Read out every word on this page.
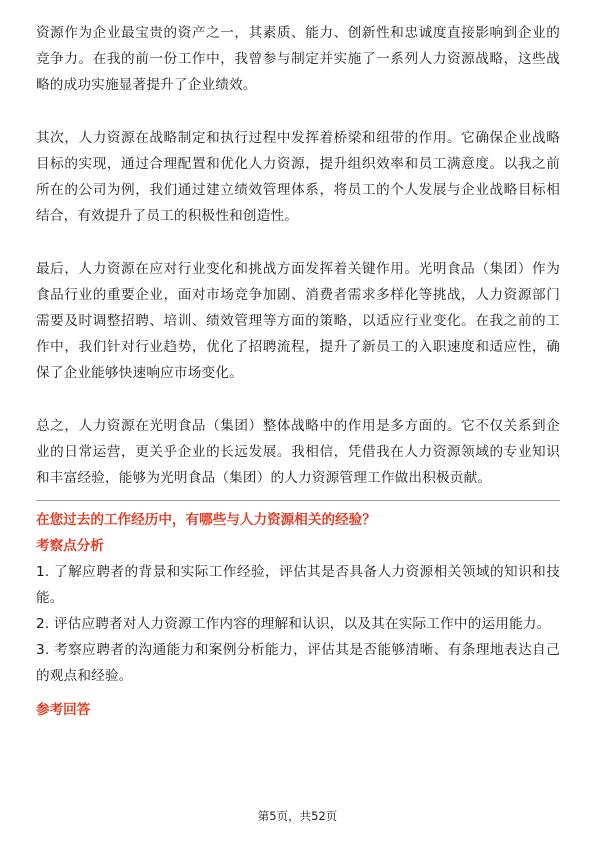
资源作为企业最宝贵的资产之一，其素质、能力、创新性和忠诚度直接影响到企业的竞争力。在我的前一份工作中，我曾参与制定并实施了一系列人力资源战略，这些战略的成功实施显著提升了企业绩效。

其次，人力资源在战略制定和执行过程中发挥着桥梁和纽带的作用。它确保企业战略目标的实现，通过合理配置和优化人力资源，提升组织效率和员工满意度。以我之前所在的公司为例，我们通过建立绩效管理体系，将员工的个人发展与企业战略目标相结合，有效提升了员工的积极性和创造性。

最后，人力资源在应对行业变化和挑战方面发挥着关键作用。光明食品（集团）作为食品行业的重要企业，面对市场竞争加剧、消费者需求多样化等挑战，人力资源部门需要及时调整招聘、培训、绩效管理等方面的策略，以适应行业变化。在我之前的工作中，我们针对行业趋势，优化了招聘流程，提升了新员工的入职速度和适应性，确保了企业能够快速响应市场变化。

总之，人力资源在光明食品（集团）整体战略中的作用是多方面的。它不仅关系到企业的日常运营，更关乎企业的长远发展。我相信，凭借我在人力资源领域的专业知识和丰富经验，能够为光明食品（集团）的人力资源管理工作做出积极贡献。

在您过去的工作经历中，有哪些与人力资源相关的经验？

考察点分析

1. 了解应聘者的背景和实际工作经验，评估其是否具备人力资源相关领域的知识和技能。

2. 评估应聘者对人力资源工作内容的理解和认识，以及其在实际工作中的运用能力。

3. 考察应聘者的沟通能力和案例分析能力，评估其是否能够清晰、有条理地表达自己的观点和经验。

参考回答

第5页，共52页
